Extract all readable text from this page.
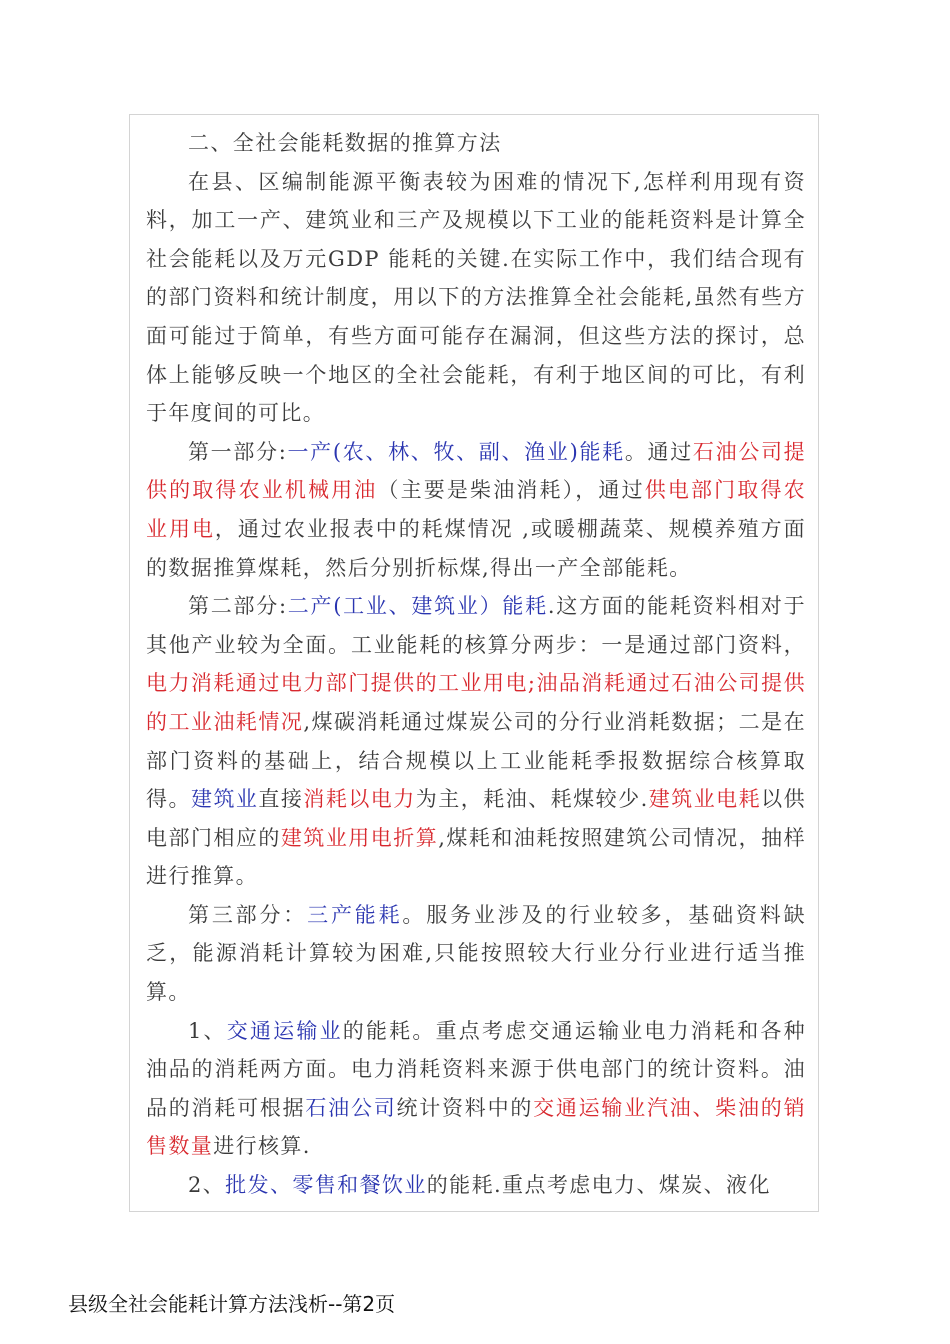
二、全社会能耗数据的推算方法

在县、区编制能源平衡表较为困难的情况下,怎样利用现有资料，加工一产、建筑业和三产及规模以下工业的能耗资料是计算全社会能耗以及万元GDP 能耗的关键.在实际工作中，我们结合现有的部门资料和统计制度，用以下的方法推算全社会能耗,虽然有些方面可能过于简单，有些方面可能存在漏洞，但这些方法的探讨，总体上能够反映一个地区的全社会能耗，有利于地区间的可比，有利于年度间的可比。

第一部分:一产(农、林、牧、副、渔业)能耗。通过石油公司提供的取得农业机械用油（主要是柴油消耗），通过供电部门取得农业用电，通过农业报表中的耗煤情况 ,或暖棚蔬菜、规模养殖方面的数据推算煤耗，然后分别折标煤,得出一产全部能耗。

第二部分:二产(工业、建筑业）能耗.这方面的能耗资料相对于其他产业较为全面。工业能耗的核算分两步：一是通过部门资料，电力消耗通过电力部门提供的工业用电;油品消耗通过石油公司提供的工业油耗情况,煤碳消耗通过煤炭公司的分行业消耗数据；二是在部门资料的基础上，结合规模以上工业能耗季报数据综合核算取得。建筑业直接消耗以电力为主，耗油、耗煤较少.建筑业电耗以供电部门相应的建筑业用电折算,煤耗和油耗按照建筑公司情况，抽样进行推算。

第三部分：三产能耗。服务业涉及的行业较多，基础资料缺乏，能源消耗计算较为困难,只能按照较大行业分行业进行适当推算。

1、交通运输业的能耗。重点考虑交通运输业电力消耗和各种油品的消耗两方面。电力消耗资料来源于供电部门的统计资料。油品的消耗可根据石油公司统计资料中的交通运输业汽油、柴油的销售数量进行核算.

2、批发、零售和餐饮业的能耗.重点考虑电力、煤炭、液化

县级全社会能耗计算方法浅析--第2页
